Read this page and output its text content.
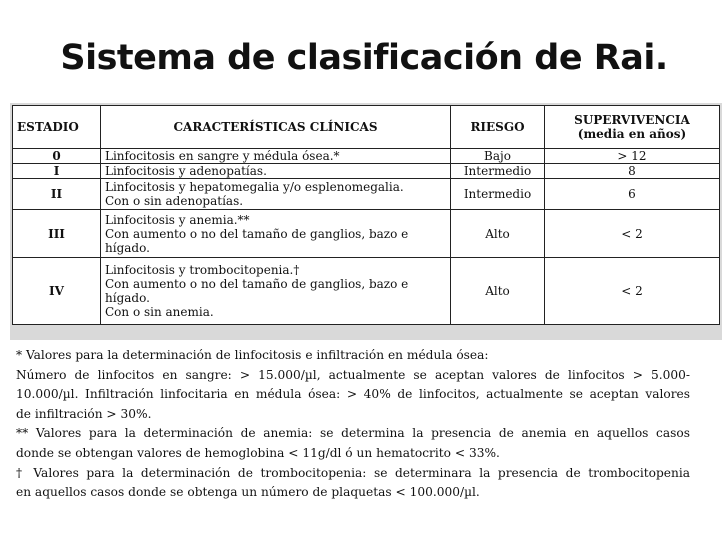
Sistema de clasificación de Rai.
ESTADIO	CARACTERÍSTICAS CLÍNICAS	RIESGO	SUPERVIVENCIA
(media en años)

0	Linfocitosis en sangre y médula ósea.*	Bajo	> 12
I	Linfocitosis y adenopatías.	Intermedio	8
II	Linfocitosis y hepatomegalia y/o esplenomegalia.
Con o sin adenopatías.	Intermedio	6
III	Linfocitosis y anemia.**
Con aumento o no del tamaño de ganglios, bazo e
hígado.	Alto	< 2
IV	Linfocitosis y trombocitopenia.†
Con aumento o no del tamaño de ganglios, bazo e
hígado.
Con o sin anemia.	Alto	< 2
* Valores para la determinación de linfocitosis e infiltración en médula ósea:
Número de linfocitos en sangre: > 15.000/µl, actualmente se aceptan valores de linfocitos > 5.000-
10.000/µl. Infiltración linfocitaria en médula ósea: > 40% de linfocitos, actualmente se aceptan valores
de infiltración > 30%.
** Valores para la determinación de anemia: se determina la presencia de anemia en aquellos casos
donde se obtengan valores de hemoglobina < 11g/dl ó un hematocrito < 33%.
† Valores para la determinación de trombocitopenia: se determinara la presencia de trombocitopenia
en aquellos casos donde se obtenga un número de plaquetas < 100.000/µl.
